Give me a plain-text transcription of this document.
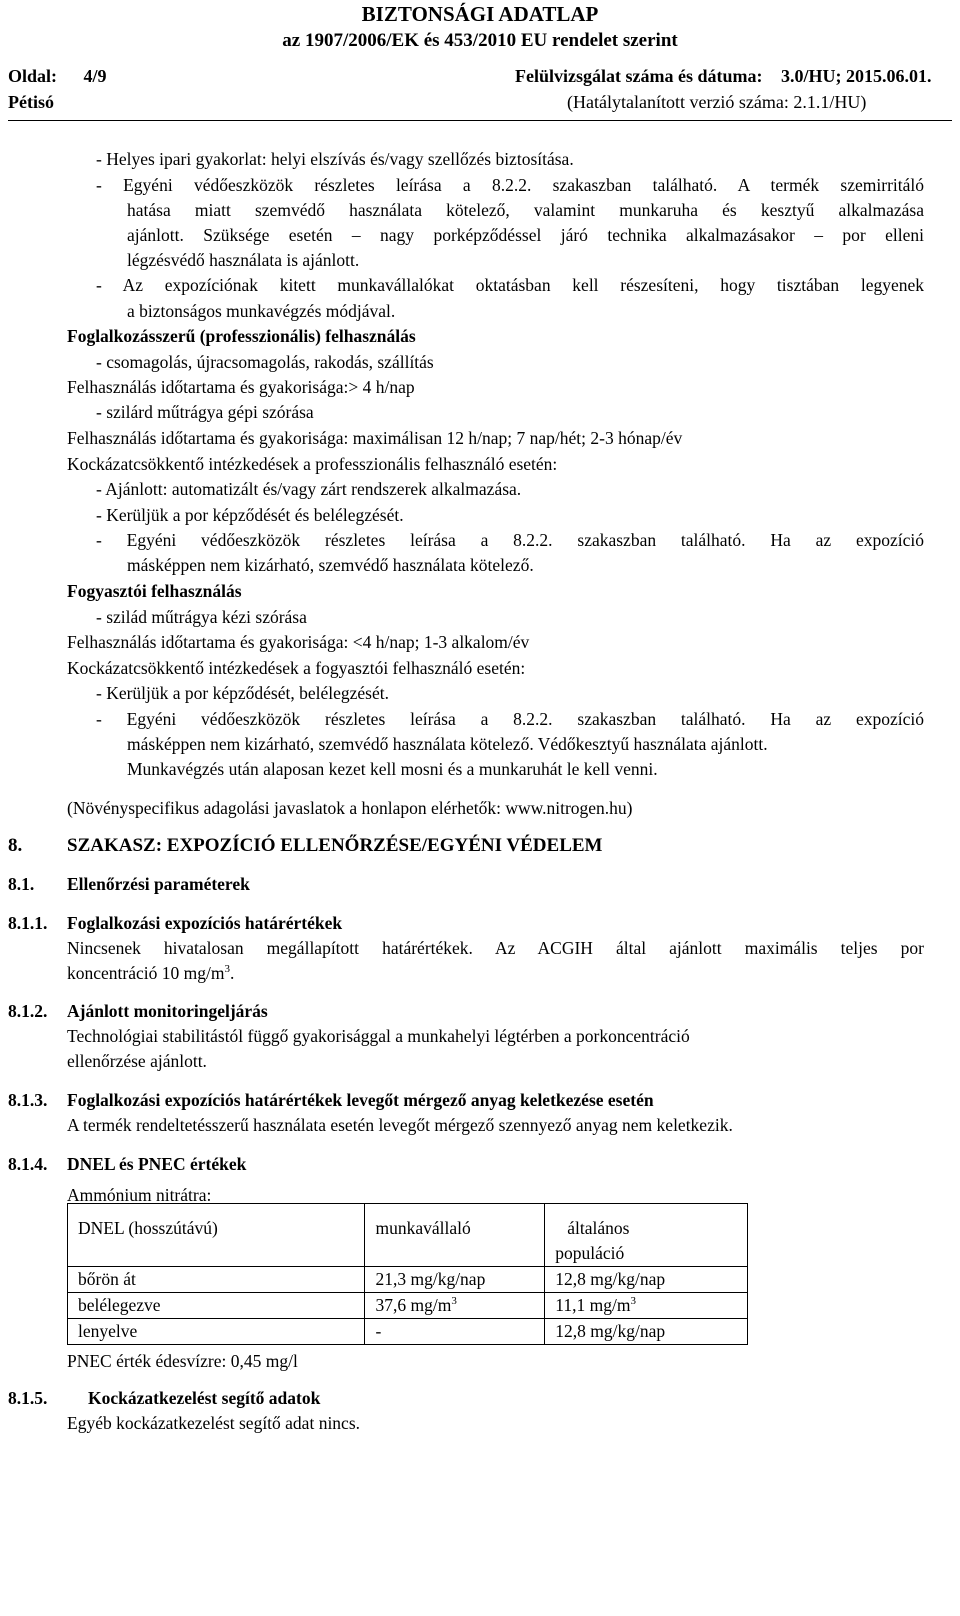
BIZTONSÁGI ADATLAP
az 1907/2006/EK és 453/2010 EU rendelet szerint
Oldal: 4/9	Felülvizsgálat száma és dátuma: 3.0/HU; 2015.06.01.
Pétisó	(Hatálytalanított verzió száma: 2.1.1/HU)
- Helyes ipari gyakorlat: helyi elszívás és/vagy szellőzés biztosítása.
- Egyéni védőeszközök részletes leírása a 8.2.2. szakaszban található. A termék szemirritáló
hatása miatt szemvédő használata kötelező, valamint munkaruha és kesztyű alkalmazása
ajánlott. Szüksége esetén – nagy porképződéssel járó technika alkalmazásakor – por elleni
légzésvédő használata is ajánlott.
- Az expozíciónak kitett munkavállalókat oktatásban kell részesíteni, hogy tisztában legyenek
a biztonságos munkavégzés módjával.
Foglalkozásszerű (professzionális) felhasználás
- csomagolás, újracsomagolás, rakodás, szállítás
Felhasználás időtartama és gyakorisága:> 4 h/nap
- szilárd műtrágya gépi szórása
Felhasználás időtartama és gyakorisága: maximálisan 12 h/nap; 7 nap/hét; 2-3 hónap/év
Kockázatcsökkentő intézkedések a professzionális felhasználó esetén:
- Ajánlott: automatizált és/vagy zárt rendszerek alkalmazása.
- Kerüljük a por képződését és belélegzését.
- Egyéni védőeszközök részletes leírása a 8.2.2. szakaszban található. Ha az expozíció
másképpen nem kizárható, szemvédő használata kötelező.
Fogyasztói felhasználás
- szilád műtrágya kézi szórása
Felhasználás időtartama és gyakorisága: <4 h/nap; 1-3 alkalom/év
Kockázatcsökkentő intézkedések a fogyasztói felhasználó esetén:
- Kerüljük a por képződését, belélegzését.
- Egyéni védőeszközök részletes leírása a 8.2.2. szakaszban található. Ha az expozíció
másképpen nem kizárható, szemvédő használata kötelező. Védőkesztyű használata ajánlott.
Munkavégzés után alaposan kezet kell mosni és a munkaruhát le kell venni.
(Növényspecifikus adagolási javaslatok a honlapon elérhetők: www.nitrogen.hu)
8. SZAKASZ: EXPOZÍCIÓ ELLENŐRZÉSE/EGYÉNI VÉDELEM
8.1. Ellenőrzési paraméterek
8.1.1. Foglalkozási expozíciós határértékek
Nincsenek hivatalosan megállapított határértékek. Az ACGIH által ajánlott maximális teljes por
koncentráció 10 $mg/m^3$.
8.1.2. Ajánlott monitoringeljárás
Technológiai stabilitástól függő gyakorisággal a munkahelyi légtérben a porkoncentráció
ellenőrzése ajánlott.
8.1.3. Foglalkozási expozíciós határértékek levegőt mérgező anyag keletkezése esetén
A termék rendeltetésszerű használata esetén levegőt mérgező szennyező anyag nem keletkezik.
8.1.4. DNEL és PNEC értékek
Ammónium nitrátra:
DNEL (hosszútávú)	munkavállaló	általános
populáció

bőrön át	21,3 mg/kg/nap	12,8 mg/kg/nap
belélegezve	37,6 $mg/m^3$	11,1 $mg/m^3$
lenyelve	-	12,8 mg/kg/nap
PNEC érték édesvízre: 0,45 mg/l
8.1.5. Kockázatkezelést segítő adatok
Egyéb kockázatkezelést segítő adat nincs.
